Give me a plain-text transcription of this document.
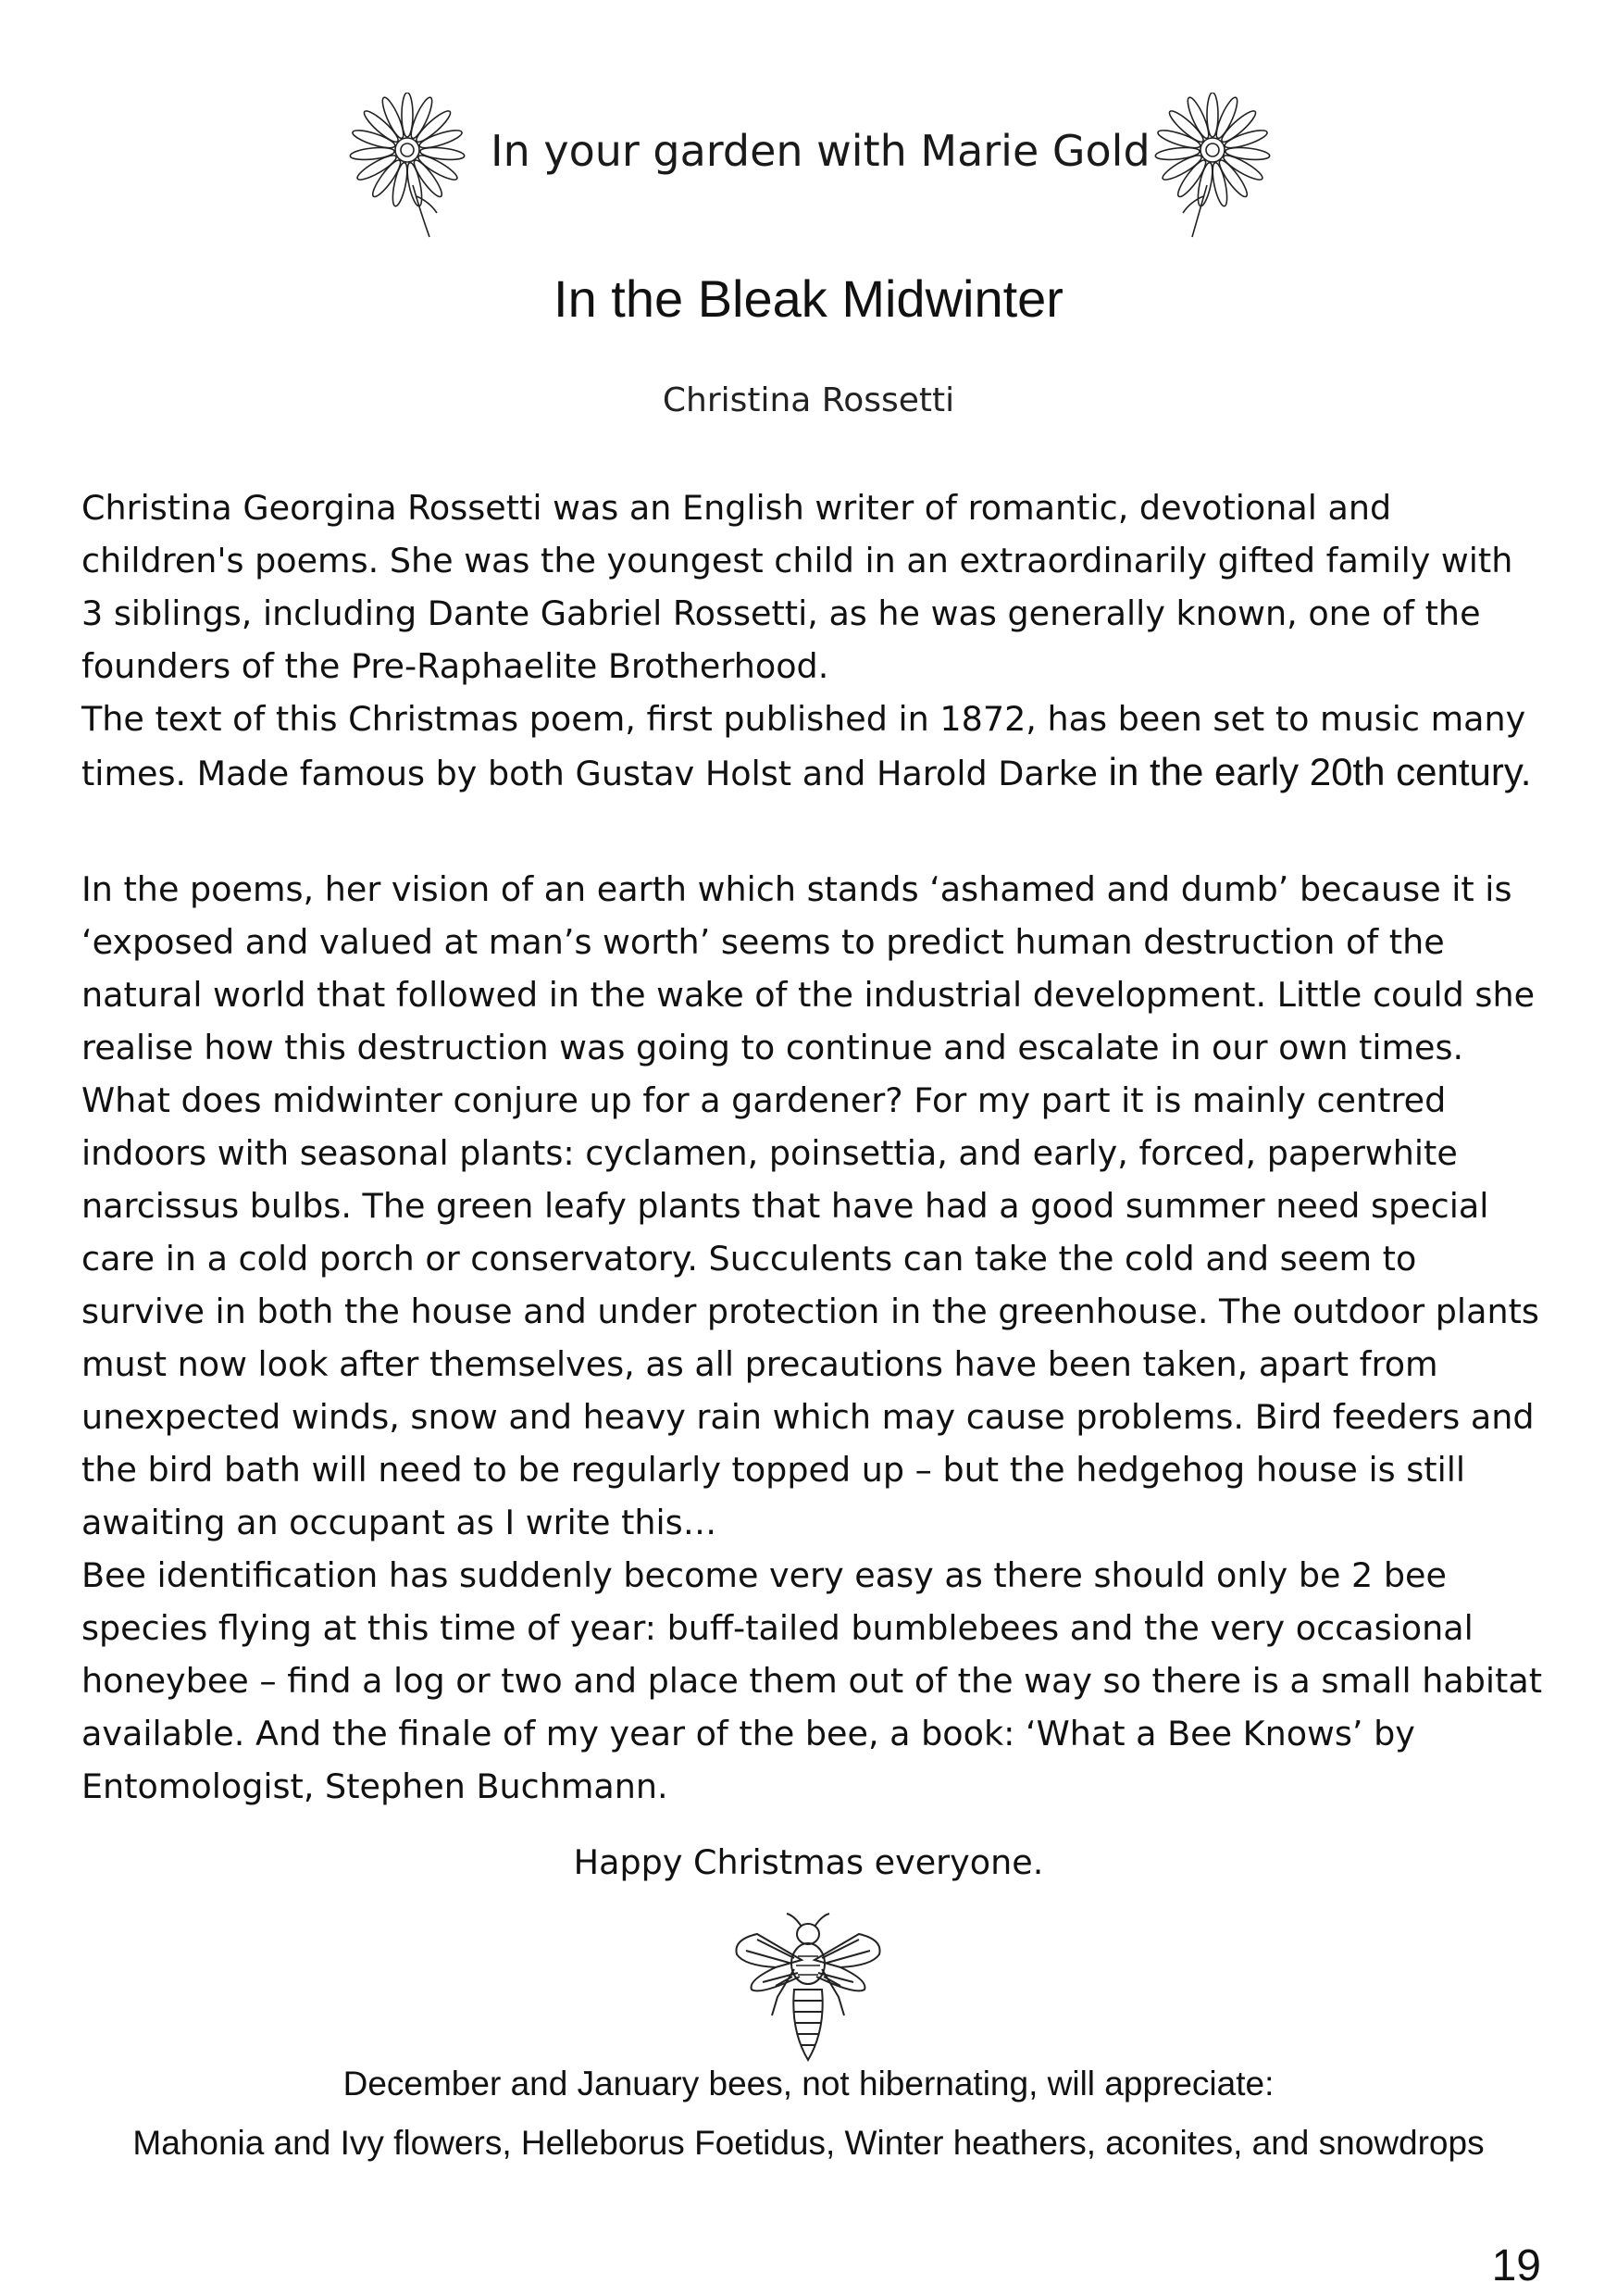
In your garden with Marie Gold
In the Bleak Midwinter
Christina Rossetti

Christina Georgina Rossetti was an English writer of romantic, devotional and children's poems. She was the youngest child in an extraordinarily gifted family with 3 siblings, including Dante Gabriel Rossetti, as he was generally known, one of the founders of the Pre-Raphaelite Brotherhood.

The text of this Christmas poem, first published in 1872, has been set to music many times. Made famous by both Gustav Holst and Harold Darke in the early 20th century.

In the poems, her vision of an earth which stands ‘ashamed and dumb’ because it is ‘exposed and valued at man’s worth’ seems to predict human destruction of the natural world that followed in the wake of the industrial development. Little could she realise how this destruction was going to continue and escalate in our own times.

What does midwinter conjure up for a gardener? For my part it is mainly centred indoors with seasonal plants: cyclamen, poinsettia, and early, forced, paperwhite narcissus bulbs. The green leafy plants that have had a good summer need special care in a cold porch or conservatory. Succulents can take the cold and seem to survive in both the house and under protection in the greenhouse. The outdoor plants must now look after themselves, as all precautions have been taken, apart from unexpected winds, snow and heavy rain which may cause problems. Bird feeders and the bird bath will need to be regularly topped up – but the hedgehog house is still awaiting an occupant as I write this…

Bee identification has suddenly become very easy as there should only be 2 bee species flying at this time of year: buff-tailed bumblebees and the very occasional honeybee – find a log or two and place them out of the way so there is a small habitat available. And the finale of my year of the bee, a book: ‘What a Bee Knows’ by Entomologist, Stephen Buchmann.

Happy Christmas everyone.
December and January bees, not hibernating, will appreciate:
Mahonia and Ivy flowers, Helleborus Foetidus, Winter heathers, aconites, and snowdrops
19
